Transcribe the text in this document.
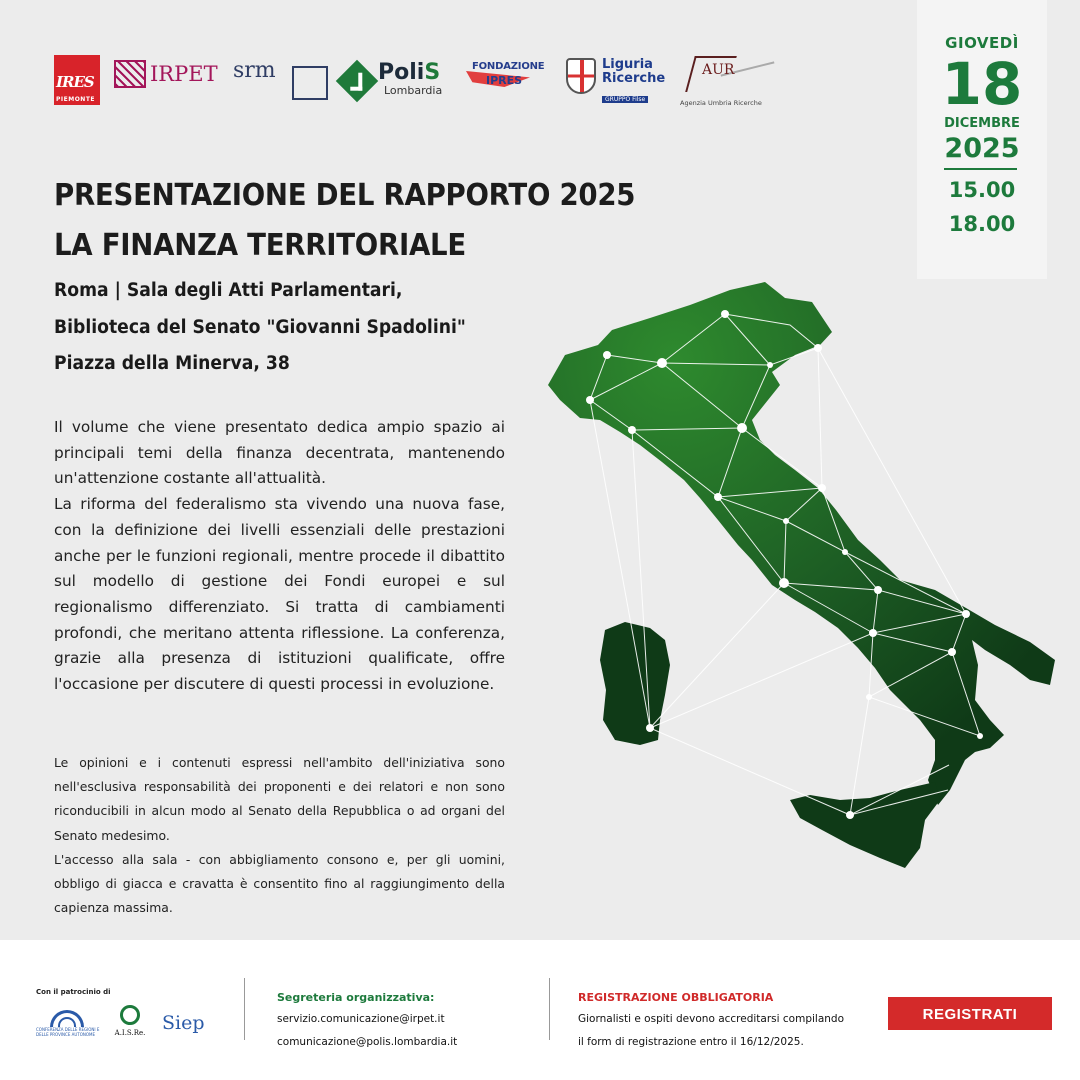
IRES
PIEMONTE
IRPET srm	PoliS
Lombardia
FONDAZIONE
IPRES
Liguria
Ricerche
GRUPPO Filse
AUR
Agenzia Umbria Ricerche
GIOVEDÌ
18
DICEMBRE
2025
15.00
18.00
PRESENTAZIONE DEL RAPPORTO 2025
LA FINANZA TERRITORIALE
Roma | Sala degli Atti Parlamentari,
Biblioteca del Senato "Giovanni Spadolini"
Piazza della Minerva, 38

Il volume che viene presentato dedica ampio spazio ai principali temi della finanza decentrata, mantenendo un'attenzione costante all'attualità.

La riforma del federalismo sta vivendo una nuova fase, con la definizione dei livelli essenziali delle prestazioni anche per le funzioni regionali, mentre procede il dibattito sul modello di gestione dei Fondi europei e sul regionalismo differenziato. Si tratta di cambiamenti profondi, che meritano attenta riflessione. La conferenza, grazie alla presenza di istituzioni qualificate, offre l'occasione per discutere di questi processi in evoluzione.

Le opinioni e i contenuti espressi nell'ambito dell'iniziativa sono nell'esclusiva responsabilità dei proponenti e dei relatori e non sono riconducibili in alcun modo al Senato della Repubblica o ad organi del Senato medesimo.

L'accesso alla sala - con abbigliamento consono e, per gli uomini, obbligo di giacca e cravatta è consentito fino al raggiungimento della capienza massima.

Con il patrocinio di
CONFERENZA DELLE REGIONI E DELLE PROVINCE AUTONOME	A.I.S.Re. Siep
Segreteria organizzativa:
servizio.comunicazione@irpet.it
comunicazione@polis.lombardia.it
REGISTRAZIONE OBBLIGATORIA
Giornalisti e ospiti devono accreditarsi compilando
il form di registrazione entro il 16/12/2025.
REGISTRATI
